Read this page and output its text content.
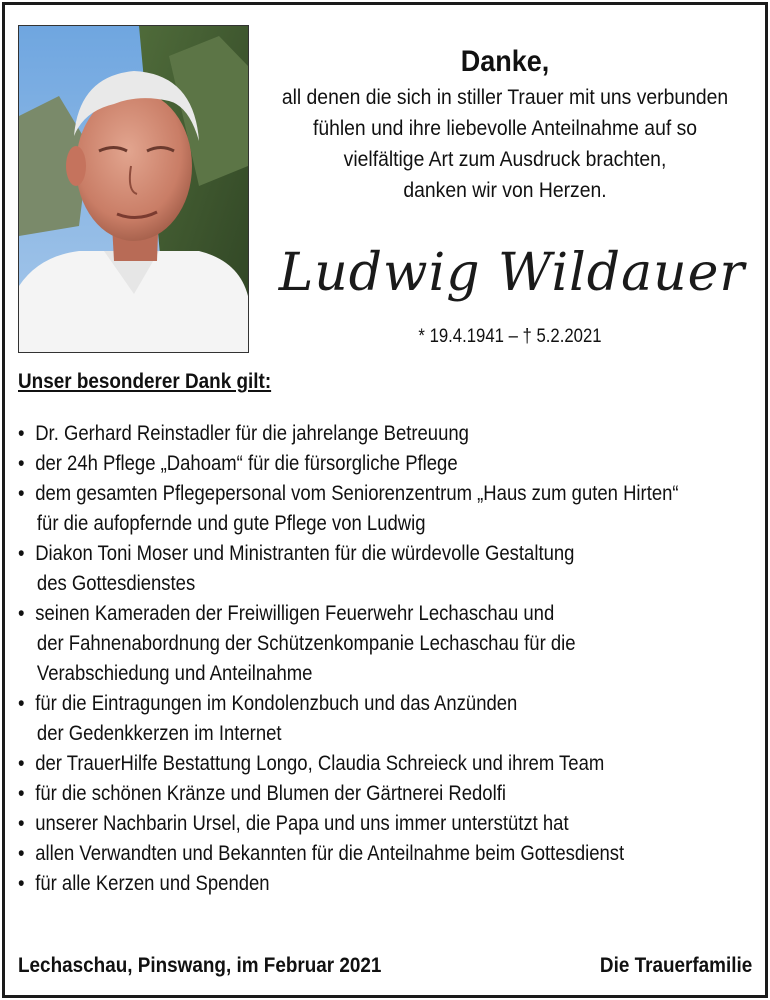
Danke,
all denen die sich in stiller Trauer mit uns verbunden
fühlen und ihre liebevolle Anteilnahme auf so
vielfältige Art zum Ausdruck brachten,
danken wir von Herzen.
Ludwig Wildauer
* 19.4.1941 – † 5.2.2021
Unser besonderer Dank gilt:
• Dr. Gerhard Reinstadler für die jahrelange Betreuung
• der 24h Pflege „Dahoam“ für die fürsorgliche Pflege
• dem gesamten Pflegepersonal vom Seniorenzentrum „Haus zum guten Hirten“
für die aufopfernde und gute Pflege von Ludwig
• Diakon Toni Moser und Ministranten für die würdevolle Gestaltung
des Gottesdienstes
• seinen Kameraden der Freiwilligen Feuerwehr Lechaschau und
der Fahnenabordnung der Schützenkompanie Lechaschau für die
Verabschiedung und Anteilnahme
• für die Eintragungen im Kondolenzbuch und das Anzünden
der Gedenkkerzen im Internet
• der TrauerHilfe Bestattung Longo, Claudia Schreieck und ihrem Team
• für die schönen Kränze und Blumen der Gärtnerei Redolfi
• unserer Nachbarin Ursel, die Papa und uns immer unterstützt hat
• allen Verwandten und Bekannten für die Anteilnahme beim Gottesdienst
• für alle Kerzen und Spenden
Lechaschau, Pinswang, im Februar 2021	Die Trauerfamilie
